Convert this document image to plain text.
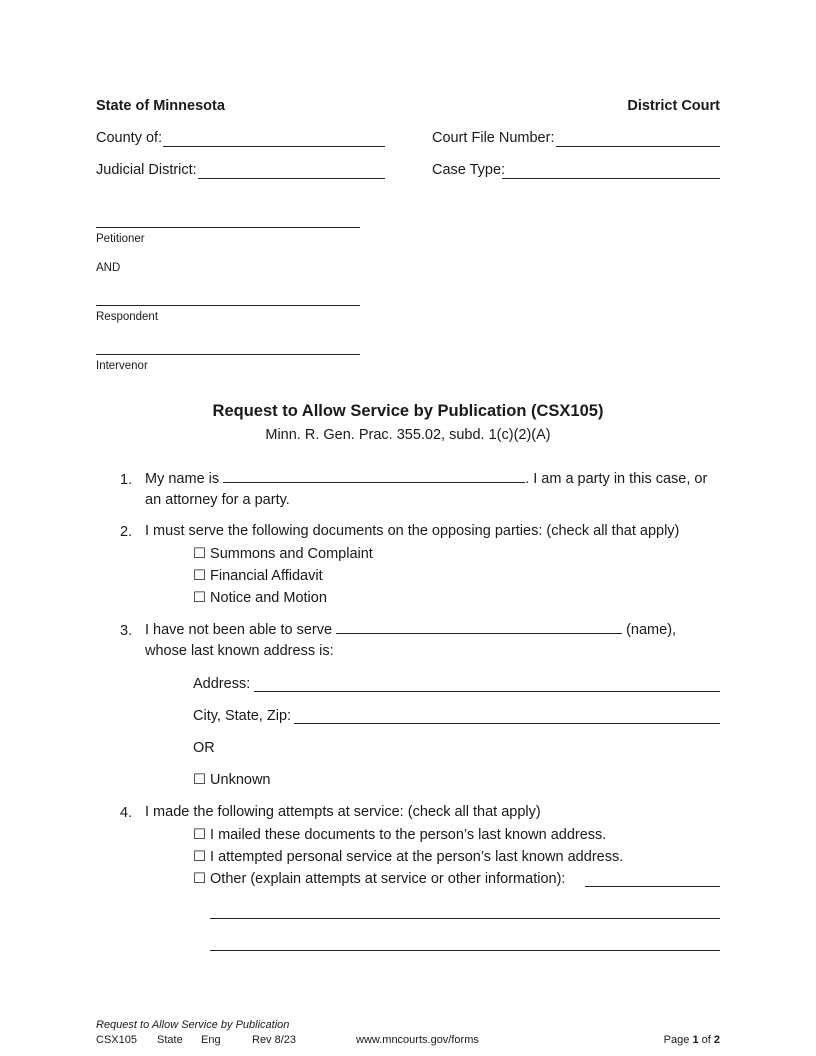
State of Minnesota	District Court
County of:	Court File Number:
Judicial District:	Case Type:
Petitioner
AND
Respondent
Intervenor
Request to Allow Service by Publication (CSX105)
Minn. R. Gen. Prac. 355.02, subd. 1(c)(2)(A)
1. My name is	. I am a party in this case, or
an attorney for a party.
2. I must serve the following documents on the opposing parties: (check all that apply)
☐ Summons and Complaint
☐ Financial Affidavit
☐ Notice and Motion
3. I have not been able to serve	(name),
whose last known address is:
Address:
City, State, Zip:
OR
☐ Unknown
4. I made the following attempts at service: (check all that apply)
☐ I mailed these documents to the person’s last known address.
☐ I attempted personal service at the person’s last known address.
☐ Other (explain attempts at service or other information):
Request to Allow Service by Publication
CSX105 State Eng	Rev 8/23	www.mncourts.gov/forms	Page 1 of 2
